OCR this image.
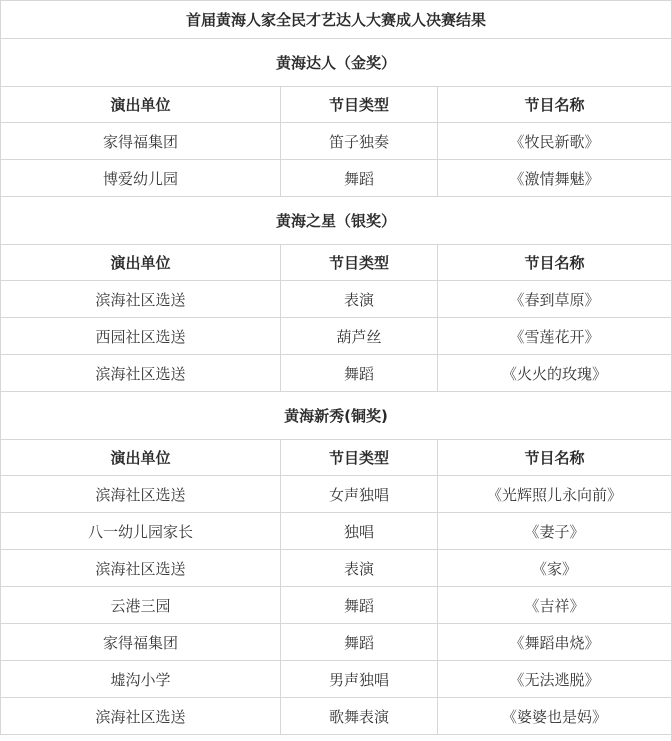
首届黄海人家全民才艺达人大赛成人决赛结果		
黄海达人（金奖）		
演出单位	节目类型	节目名称
家得福集团	笛子独奏	《牧民新歌》
博爱幼儿园	舞蹈	《激情舞魅》
黄海之星（银奖）		
演出单位	节目类型	节目名称
滨海社区选送	表演	《春到草原》
西园社区选送	葫芦丝	《雪莲花开》
滨海社区选送	舞蹈	《火火的玫瑰》
黄海新秀(铜奖)		
演出单位	节目类型	节目名称
滨海社区选送	女声独唱	《光辉照儿永向前》
八一幼儿园家长	独唱	《妻子》
滨海社区选送	表演	《家》
云港三园	舞蹈	《吉祥》
家得福集团	舞蹈	《舞蹈串烧》
墟沟小学	男声独唱	《无法逃脱》
滨海社区选送	歌舞表演	《婆婆也是妈》
